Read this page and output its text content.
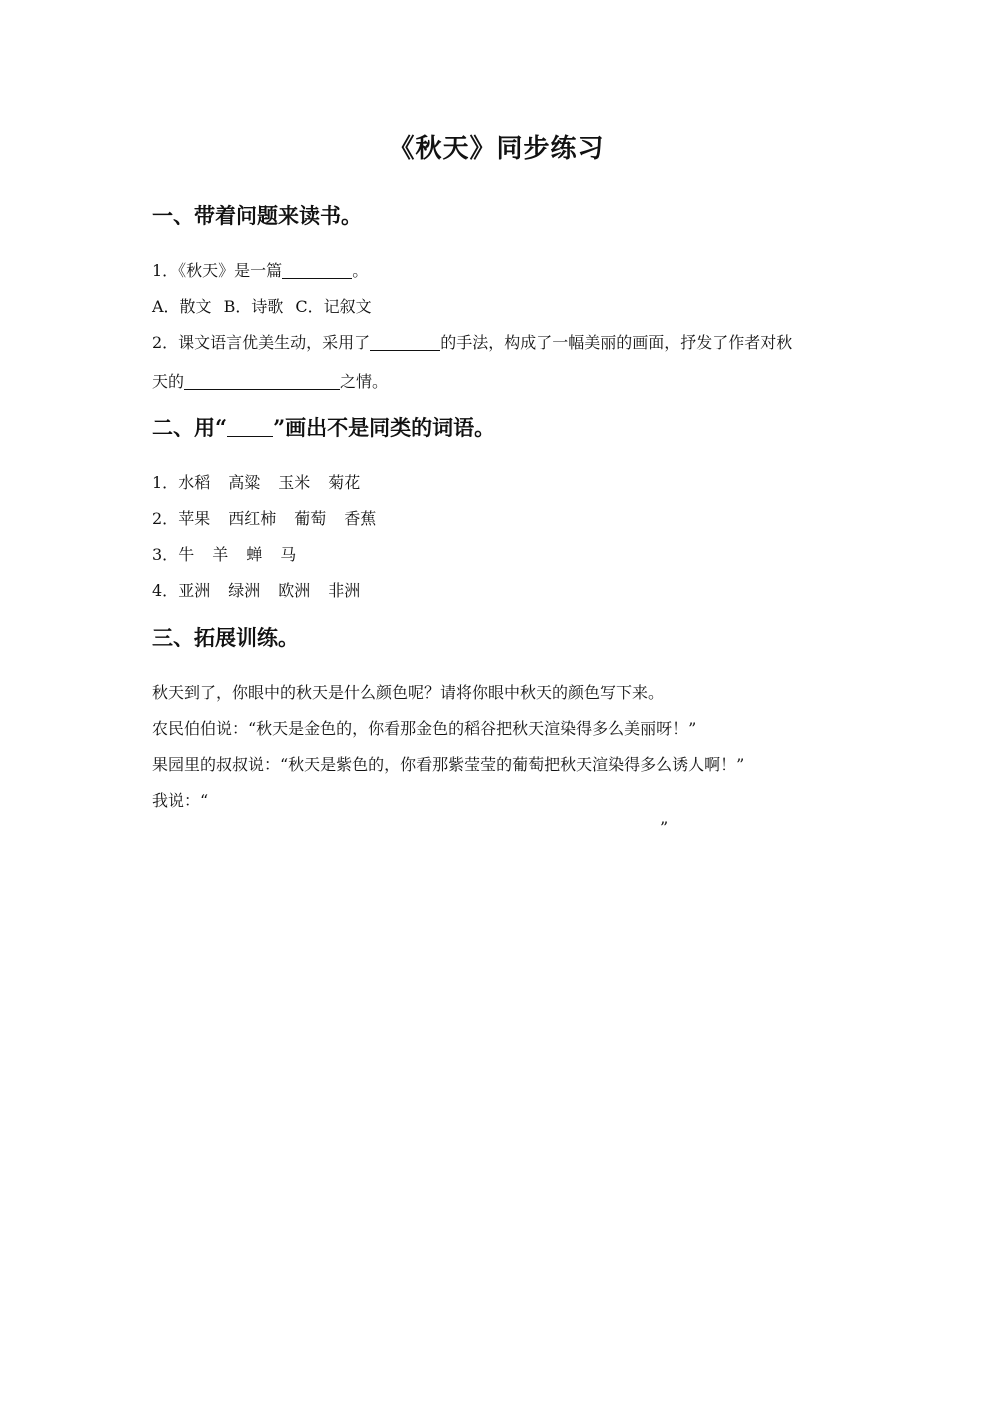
《秋天》同步练习
一、带着问题来读书。
1．《秋天》是一篇	。
A．散文 B．诗歌 C．记叙文
2．课文语言优美生动，采用了	的手法，构成了一幅美丽的画面，抒发了作者对秋
天的	之情。
二、用“ ”画出不是同类的词语。
1．水稻 高粱 玉米 菊花
2．苹果 西红柿 葡萄 香蕉
3．牛 羊 蝉 马
4．亚洲 绿洲 欧洲 非洲
三、拓展训练。
秋天到了，你眼中的秋天是什么颜色呢？请将你眼中秋天的颜色写下来。
农民伯伯说：“秋天是金色的，你看那金色的稻谷把秋天渲染得多么美丽呀！”
果园里的叔叔说：“秋天是紫色的，你看那紫莹莹的葡萄把秋天渲染得多么诱人啊！”
我说：“
”
